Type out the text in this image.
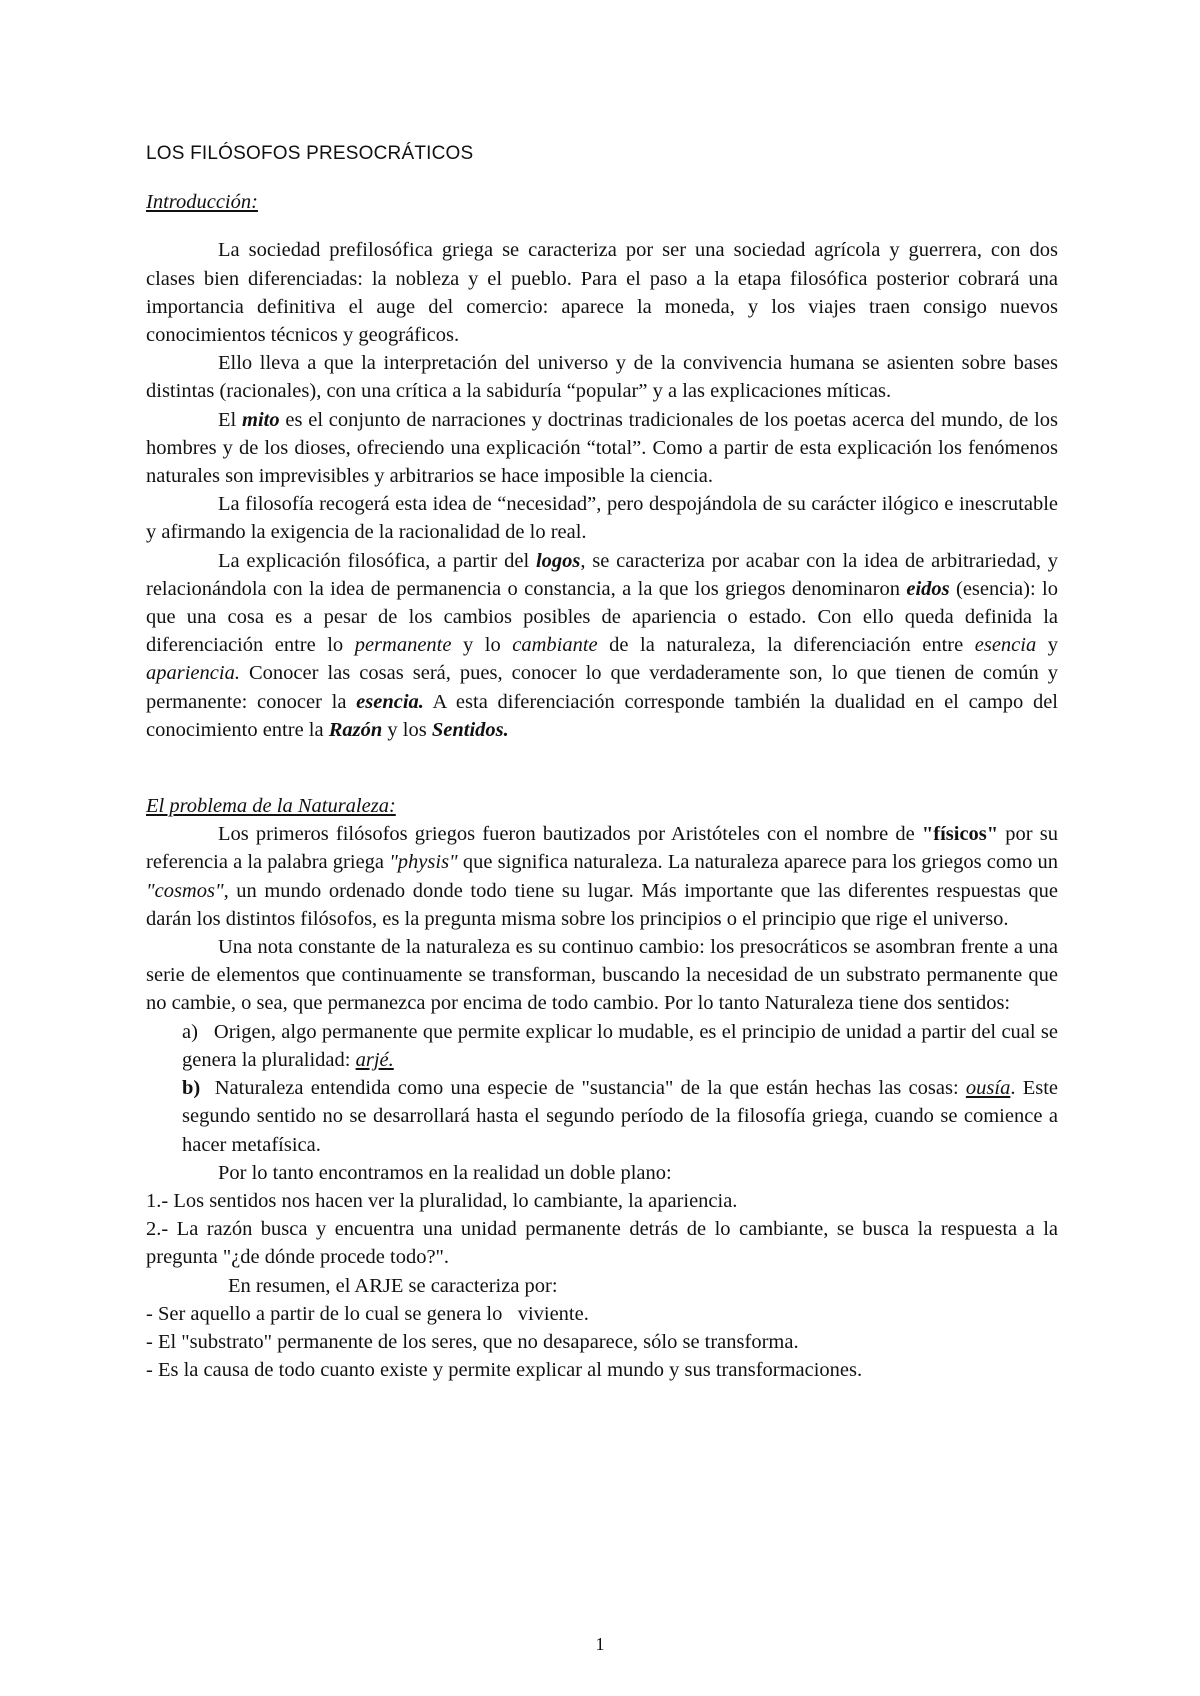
LOS FILÓSOFOS PRESOCRÁTICOS
Introducción:

La sociedad prefilosófica griega se caracteriza por ser una sociedad agrícola y guerrera, con dos clases bien diferenciadas: la nobleza y el pueblo. Para el paso a la etapa filosófica posterior cobrará una importancia definitiva el auge del comercio: aparece la moneda, y los viajes traen consigo nuevos conocimientos técnicos y geográficos.

Ello lleva a que la interpretación del universo y de la convivencia humana se asienten sobre bases distintas (racionales), con una crítica a la sabiduría “popular” y a las explicaciones míticas.

El mito es el conjunto de narraciones y doctrinas tradicionales de los poetas acerca del mundo, de los hombres y de los dioses, ofreciendo una explicación “total”. Como a partir de esta explicación los fenómenos naturales son imprevisibles y arbitrarios se hace imposible la ciencia.

La filosofía recogerá esta idea de “necesidad”, pero despojándola de su carácter ilógico e inescrutable y afirmando la exigencia de la racionalidad de lo real.

La explicación filosófica, a partir del logos, se caracteriza por acabar con la idea de arbitrariedad, y relacionándola con la idea de permanencia o constancia, a la que los griegos denominaron eidos (esencia): lo que una cosa es a pesar de los cambios posibles de apariencia o estado. Con ello queda definida la diferenciación entre lo permanente y lo cambiante de la naturaleza, la diferenciación entre esencia y apariencia. Conocer las cosas será, pues, conocer lo que verdaderamente son, lo que tienen de común y permanente: conocer la esencia. A esta diferenciación corresponde también la dualidad en el campo del conocimiento entre la Razón y los Sentidos.

El problema de la Naturaleza:

Los primeros filósofos griegos fueron bautizados por Aristóteles con el nombre de "físicos" por su referencia a la palabra griega "physis" que significa naturaleza. La naturaleza aparece para los griegos como un "cosmos", un mundo ordenado donde todo tiene su lugar. Más importante que las diferentes respuestas que darán los distintos filósofos, es la pregunta misma sobre los principios o el principio que rige el universo.

Una nota constante de la naturaleza es su continuo cambio: los presocráticos se asombran frente a una serie de elementos que continuamente se transforman, buscando la necesidad de un substrato permanente que no cambie, o sea, que permanezca por encima de todo cambio. Por lo tanto Naturaleza tiene dos sentidos:

a) Origen, algo permanente que permite explicar lo mudable, es el principio de unidad a partir del cual se genera la pluralidad: arjé.

b) Naturaleza entendida como una especie de "sustancia" de la que están hechas las cosas: ousía. Este segundo sentido no se desarrollará hasta el segundo período de la filosofía griega, cuando se comience a hacer metafísica.

Por lo tanto encontramos en la realidad un doble plano:

1.- Los sentidos nos hacen ver la pluralidad, lo cambiante, la apariencia.

2.- La razón busca y encuentra una unidad permanente detrás de lo cambiante, se busca la respuesta a la pregunta "¿de dónde procede todo?".

En resumen, el ARJE se caracteriza por:

- Ser aquello a partir de lo cual se genera lo   viviente.

- El "substrato" permanente de los seres, que no desaparece, sólo se transforma.

- Es la causa de todo cuanto existe y permite explicar al mundo y sus transformaciones.

1
